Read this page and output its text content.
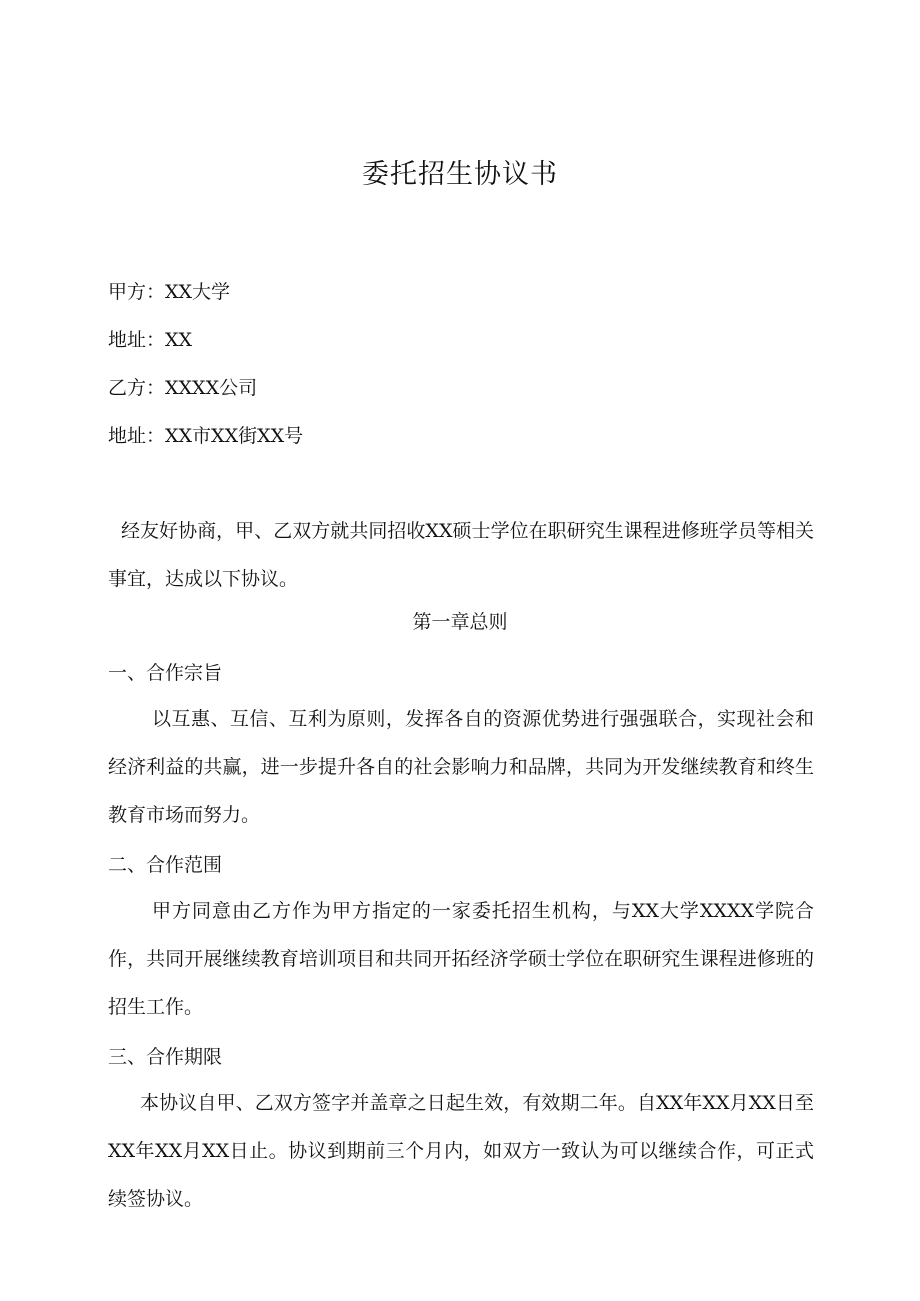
委托招生协议书
甲方：XX大学
地址：XX
乙方：XXXX公司
地址：XX市XX街XX号
经友好协商，甲、乙双方就共同招收XX硕士学位在职研究生课程进修班学员等相关事宜，达成以下协议。
第一章总则
一、合作宗旨
以互惠、互信、互利为原则，发挥各自的资源优势进行强强联合，实现社会和经济利益的共赢，进一步提升各自的社会影响力和品牌，共同为开发继续教育和终生教育市场而努力。
二、合作范围
甲方同意由乙方作为甲方指定的一家委托招生机构，与XX大学XXXX学院合作，共同开展继续教育培训项目和共同开拓经济学硕士学位在职研究生课程进修班的招生工作。
三、合作期限
本协议自甲、乙双方签字并盖章之日起生效，有效期二年。自XX年XX月XX日至XX年XX月XX日止。协议到期前三个月内，如双方一致认为可以继续合作，可正式续签协议。
